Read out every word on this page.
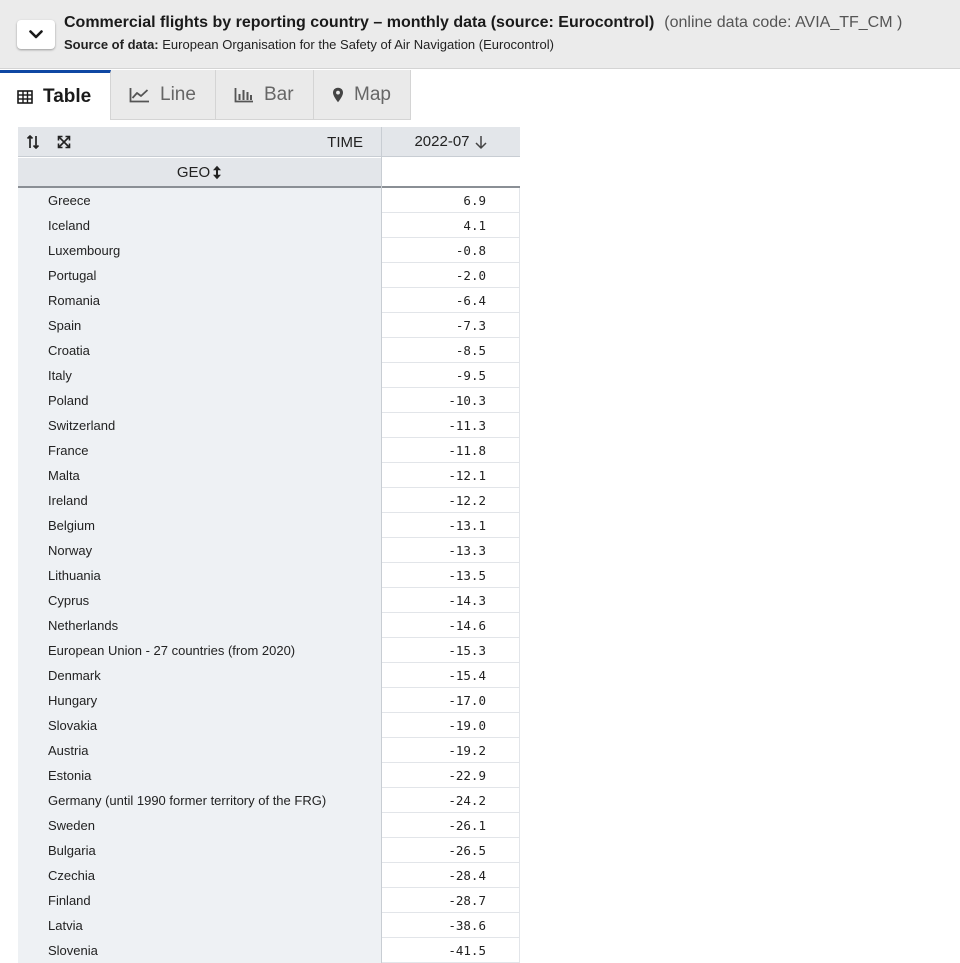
Commercial flights by reporting country – monthly data (source: Eurocontrol) (online data code: AVIA_TF_CM )
Source of data: European Organisation for the Safety of Air Navigation (Eurocontrol)
Table	Line	Bar	Map
TIME	2022-07
GEO
Greece	6.9
Iceland	4.1
Luxembourg	-0.8
Portugal	-2.0
Romania	-6.4
Spain	-7.3
Croatia	-8.5
Italy	-9.5
Poland	-10.3
Switzerland	-11.3
France	-11.8
Malta	-12.1
Ireland	-12.2
Belgium	-13.1
Norway	-13.3
Lithuania	-13.5
Cyprus	-14.3
Netherlands	-14.6
European Union - 27 countries (from 2020)	-15.3
Denmark	-15.4
Hungary	-17.0
Slovakia	-19.0
Austria	-19.2
Estonia	-22.9
Germany (until 1990 former territory of the FRG)	-24.2
Sweden	-26.1
Bulgaria	-26.5
Czechia	-28.4
Finland	-28.7
Latvia	-38.6
Slovenia	-41.5
